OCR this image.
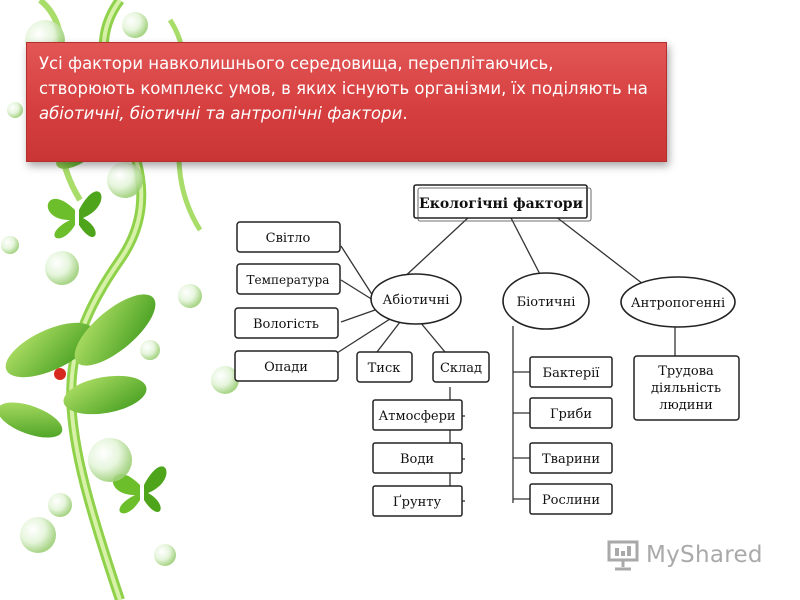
Усі фактори навколишнього середовища, переплітаючись, створюють комплекс умов, в яких існують організми, їх поділяють на абіотичні, біотичні та антропічні фактори.
Екологічні фактори
Абіотичні	Біотичні	Антропогенні
Світло
Температура
Вологість
Опади	Тиск	Склад
Атмосфери
Води
Ґрунту
Бактерії
Гриби
Тварини
Рослини
Трудова
діяльність
людини
MyShared
